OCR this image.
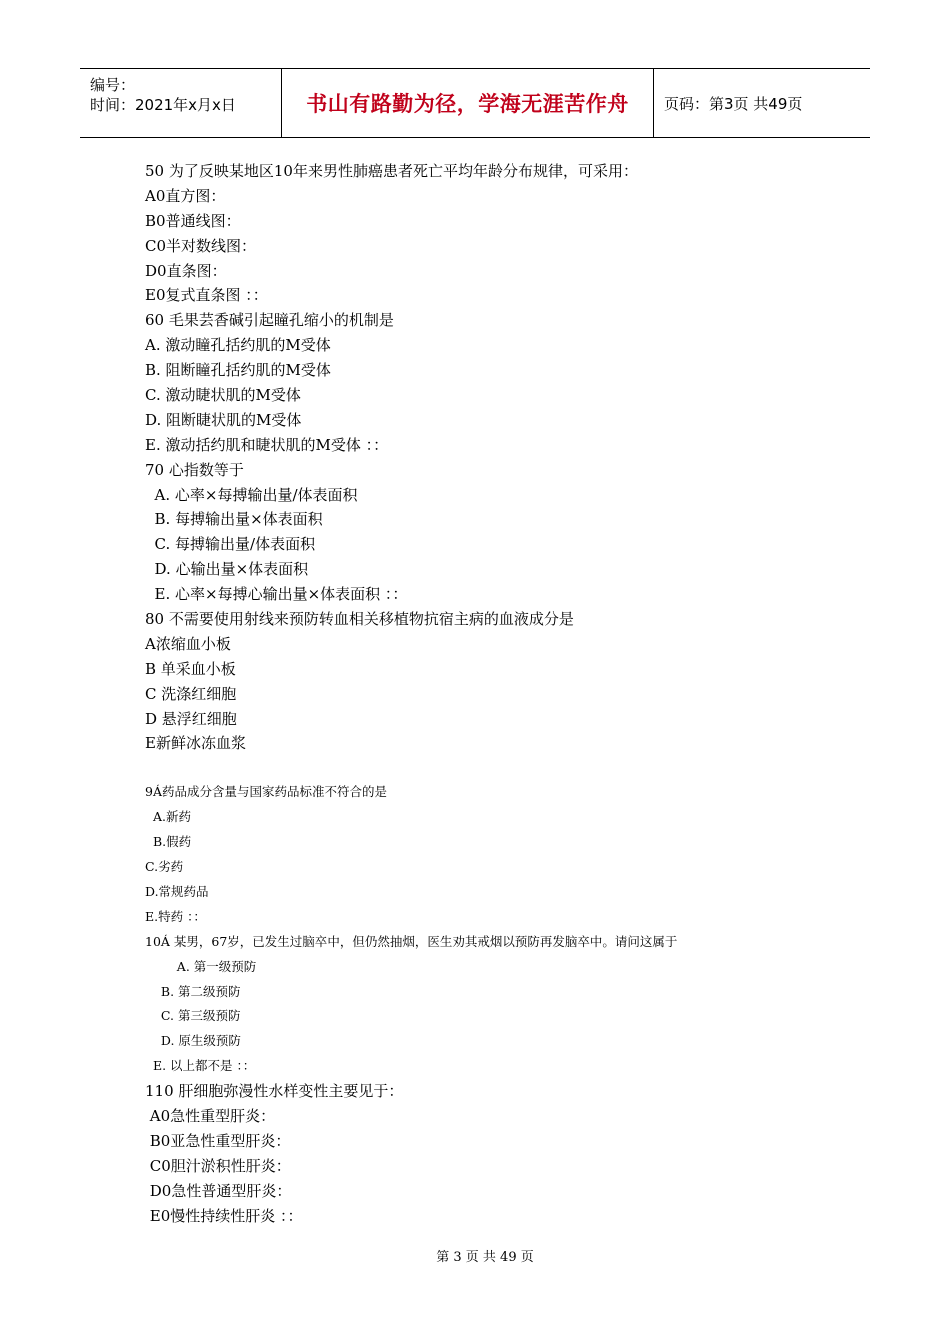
编号：
时间：2021年x月x日	书山有路勤为径，学海无涯苦作舟	页码：第3页 共49页
50 为了反映某地区10年来男性肺癌患者死亡平均年龄分布规律，可采用：
A0直方图：
B0普通线图：
C0半对数线图：
D0直条图：
E0复式直条图 ：：
60 毛果芸香碱引起瞳孔缩小的机制是
A. 激动瞳孔括约肌的M受体
B. 阻断瞳孔括约肌的M受体
C. 激动睫状肌的M受体
D. 阻断睫状肌的M受体
E. 激动括约肌和睫状肌的M受体 ：：
70 心指数等于
A. 心率×每搏输出量/体表面积
B. 每搏输出量×体表面积
C. 每搏输出量/体表面积
D. 心输出量×体表面积
E. 心率×每搏心输出量×体表面积 ：：
80 不需要使用射线来预防转血相关移植物抗宿主病的血液成分是
A浓缩血小板
B 单采血小板
C 洗涤红细胞
D 悬浮红细胞
E新鲜冰冻血浆
9Á药品成分含量与国家药品标准不符合的是
A.新药
B.假药
C.劣药
D.常规药品
E.特药 ：：
10Á 某男，67岁，已发生过脑卒中，但仍然抽烟，医生劝其戒烟以预防再发脑卒中。请问这属于
A. 第一级预防
B. 第二级预防
C. 第三级预防
D. 原生级预防
E. 以上都不是 ：：
110 肝细胞弥漫性水样变性主要见于：
A0急性重型肝炎：
B0亚急性重型肝炎：
C0胆汁淤积性肝炎：
D0急性普通型肝炎：
E0慢性持续性肝炎 ：：
第 3 页 共 49 页
